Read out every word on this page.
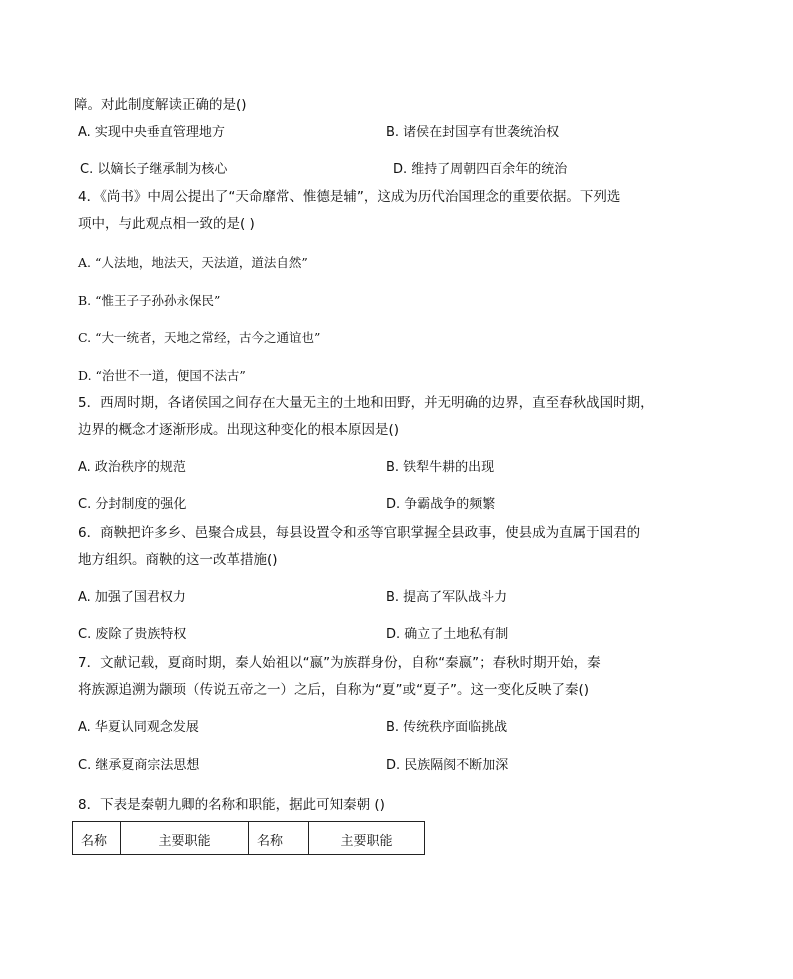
障。对此制度解读正确的是()
A. 实现中央垂直管理地方	B. 诸侯在封国享有世袭统治权
C. 以嫡长子继承制为核心	D. 维持了周朝四百余年的统治
4．《尚书》中周公提出了“天命靡常、惟德是辅”，这成为历代治国理念的重要依据。下列选
项中，与此观点相一致的是( )
A. “人法地，地法天，天法道，道法自然”
B. “惟王子子孙孙永保民”
C. “大一统者，天地之常经，古今之通谊也”
D. “治世不一道，便国不法古”
5．西周时期，各诸侯国之间存在大量无主的土地和田野，并无明确的边界，直至春秋战国时期，
边界的概念才逐渐形成。出现这种变化的根本原因是()
A. 政治秩序的规范	B. 铁犁牛耕的出现
C. 分封制度的强化	D. 争霸战争的频繁
6．商鞅把许多乡、邑聚合成县，每县设置令和丞等官职掌握全县政事，使县成为直属于国君的
地方组织。商鞅的这一改革措施()
A. 加强了国君权力	B. 提高了军队战斗力
C. 废除了贵族特权	D. 确立了土地私有制
7．文献记载，夏商时期，秦人始祖以“嬴”为族群身份，自称“秦嬴”；春秋时期开始，秦
将族源追溯为颛顼（传说五帝之一）之后，自称为“夏”或“夏子”。这一变化反映了秦()
A. 华夏认同观念发展	B. 传统秩序面临挑战
C. 继承夏商宗法思想	D. 民族隔阂不断加深
8．下表是秦朝九卿的名称和职能，据此可知秦朝 ()
名称	主要职能	名称	主要职能
